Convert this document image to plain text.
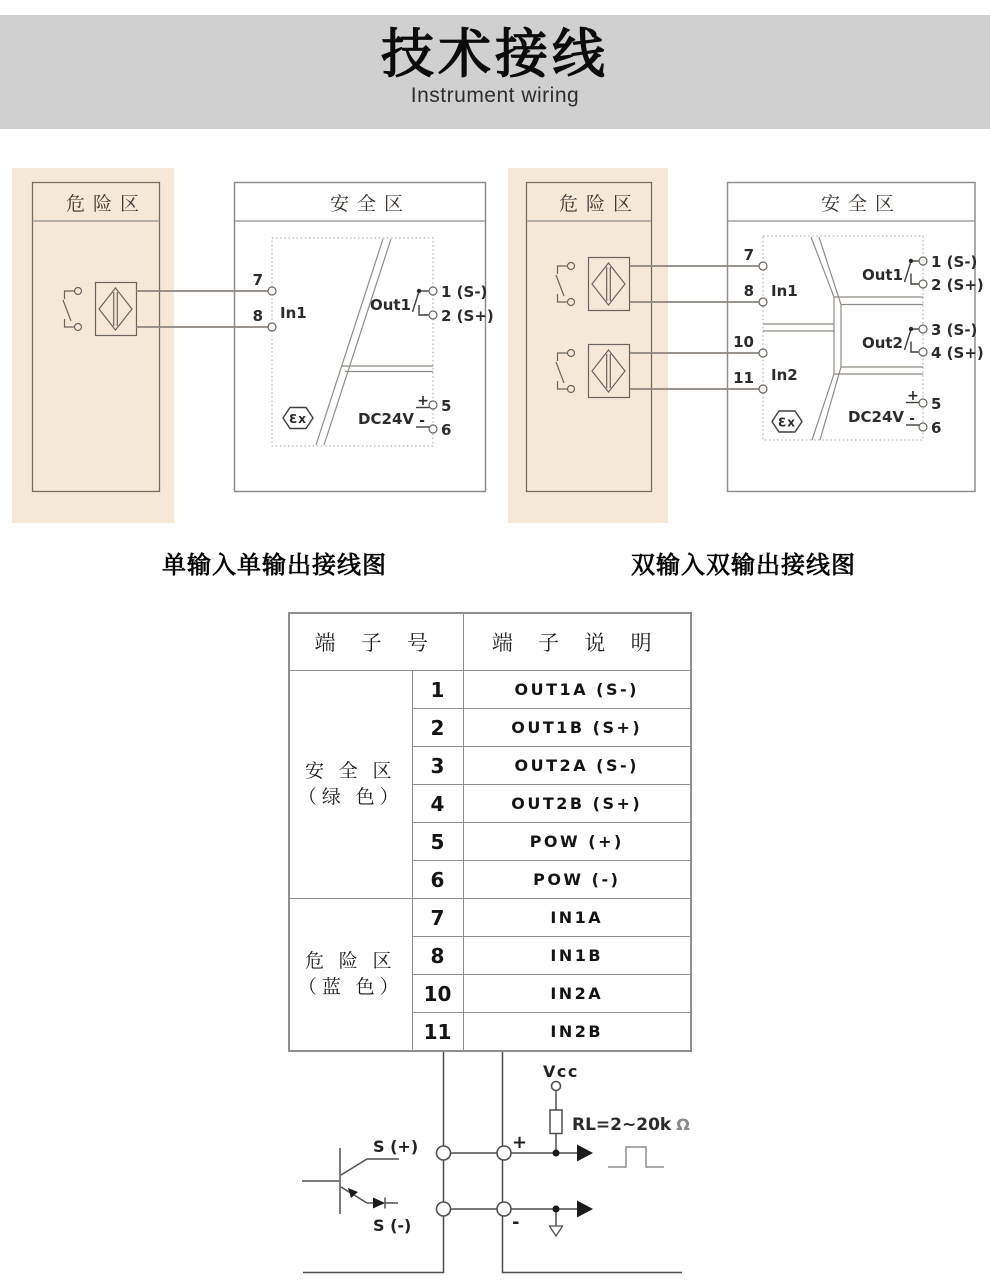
技术接线
Instrument wiring
危险区	安全区
7
8 In1	Out1
1 (S-)
2 (S+)
Ɛx
+ 5
DC24V - 6
危险区	安全区
7
8
10
11
In1
In2
Out1
1 (S-)
2 (S+)
Out2
3 (S-)
4 (S+)
Ɛx
+ 5
DC24V - 6
S (+)
S (-)
+
-
Vcc
RL=2~20k Ω
单输入单输出接线图	双输入双输出接线图
端 子 号		端 子 说 明

安 全 区
（绿 色）	1	OUT1A (S-)
	2	OUT1B (S+)
	3	OUT2A (S-)
	4	OUT2B (S+)
	5	POW (+)
	6	POW (-)

危 险 区
（蓝 色）	7	IN1A
	8	IN1B
	10	IN2A
	11	IN2B
